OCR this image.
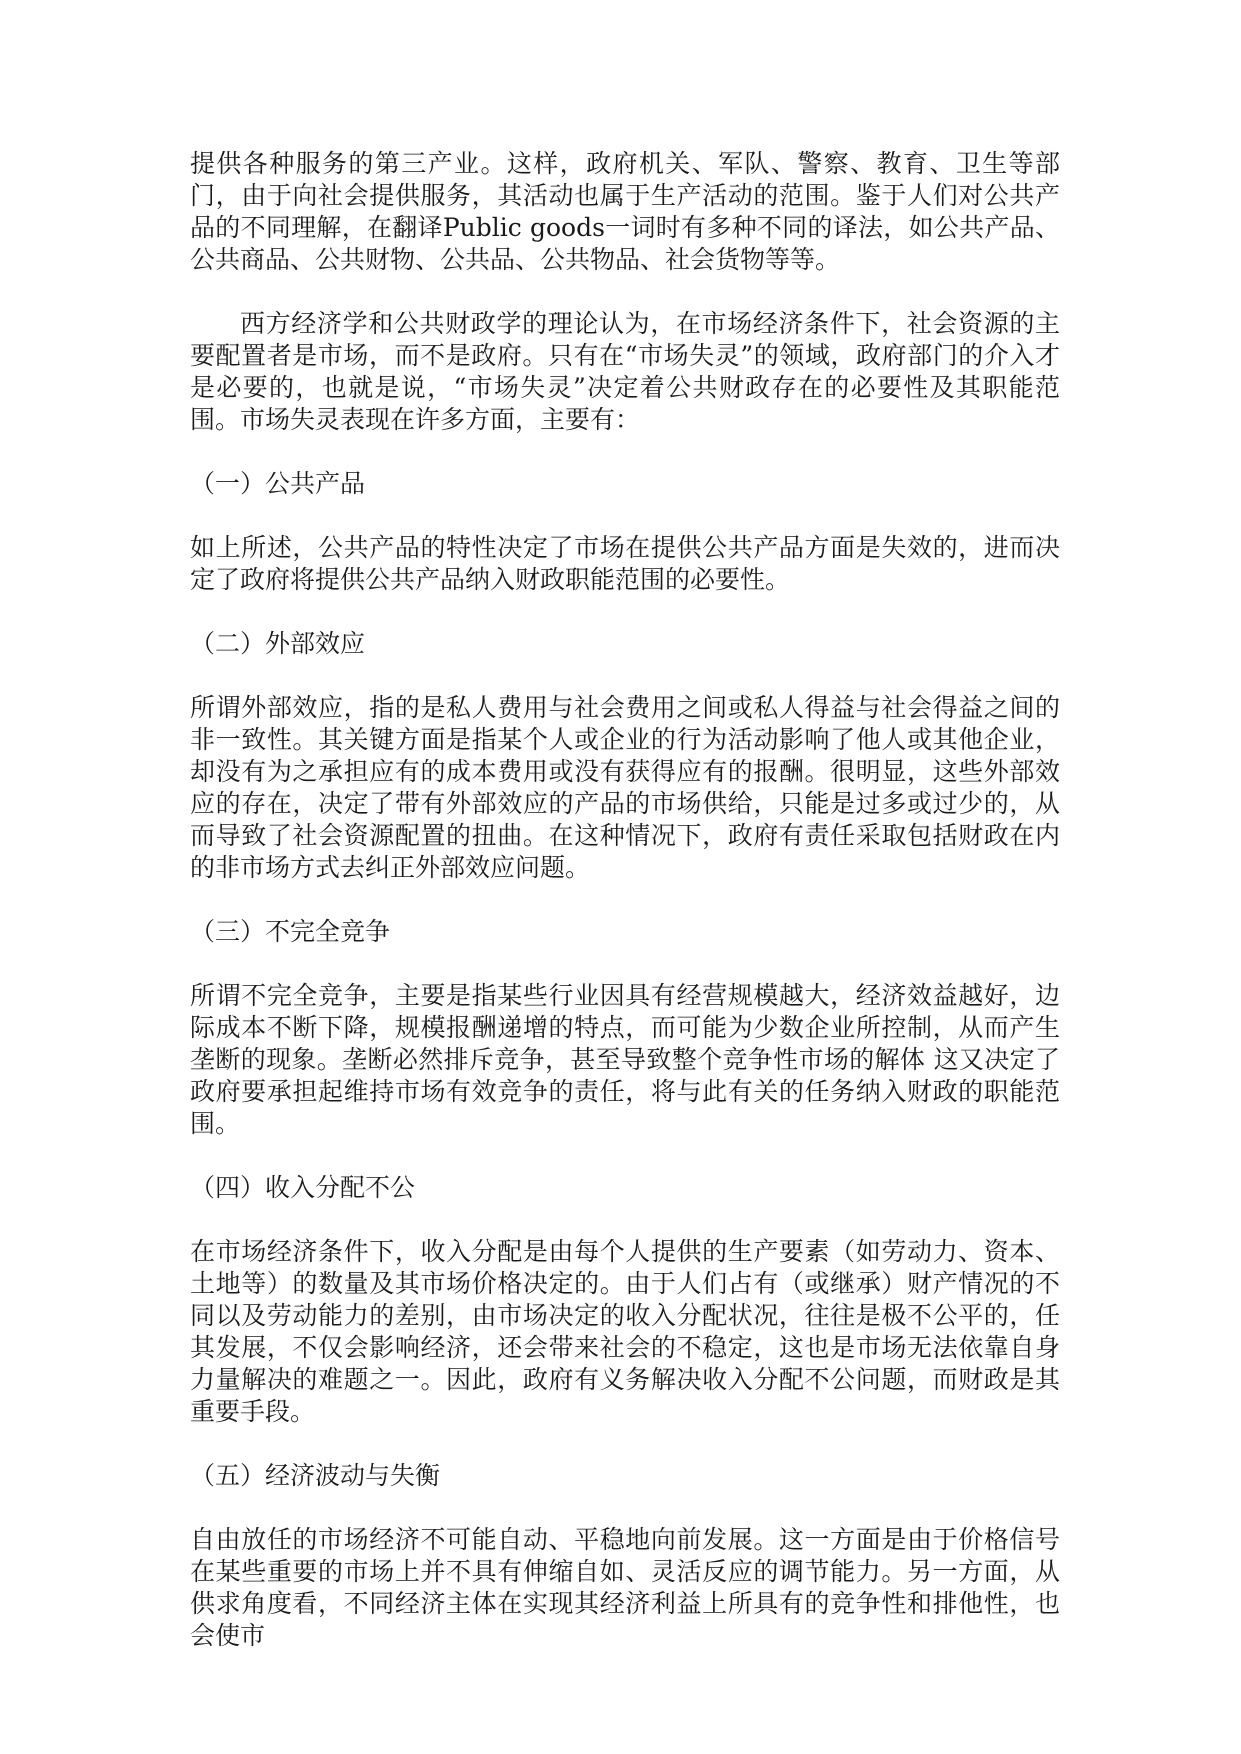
提供各种服务的第三产业。这样，政府机关、军队、警察、教育、卫生等部门，由于向社会提供服务，其活动也属于生产活动的范围。鉴于人们对公共产品的不同理解，在翻译Public goods一词时有多种不同的译法，如公共产品、公共商品、公共财物、公共品、公共物品、社会货物等等。

西方经济学和公共财政学的理论认为，在市场经济条件下，社会资源的主要配置者是市场，而不是政府。只有在“市场失灵”的领域，政府部门的介入才是必要的，也就是说，“市场失灵”决定着公共财政存在的必要性及其职能范围。市场失灵表现在许多方面，主要有：

（一）公共产品

如上所述，公共产品的特性决定了市场在提供公共产品方面是失效的，进而决定了政府将提供公共产品纳入财政职能范围的必要性。

（二）外部效应

所谓外部效应，指的是私人费用与社会费用之间或私人得益与社会得益之间的非一致性。其关键方面是指某个人或企业的行为活动影响了他人或其他企业，却没有为之承担应有的成本费用或没有获得应有的报酬。很明显，这些外部效应的存在，决定了带有外部效应的产品的市场供给，只能是过多或过少的，从而导致了社会资源配置的扭曲。在这种情况下，政府有责任采取包括财政在内的非市场方式去纠正外部效应问题。

（三）不完全竞争

所谓不完全竞争，主要是指某些行业因具有经营规模越大，经济效益越好，边际成本不断下降，规模报酬递增的特点，而可能为少数企业所控制，从而产生垄断的现象。垄断必然排斥竞争，甚至导致整个竞争性市场的解体 这又决定了政府要承担起维持市场有效竞争的责任，将与此有关的任务纳入财政的职能范围。

（四）收入分配不公

在市场经济条件下，收入分配是由每个人提供的生产要素（如劳动力、资本、土地等）的数量及其市场价格决定的。由于人们占有（或继承）财产情况的不同以及劳动能力的差别，由市场决定的收入分配状况，往往是极不公平的，任其发展，不仅会影响经济，还会带来社会的不稳定，这也是市场无法依靠自身力量解决的难题之一。因此，政府有义务解决收入分配不公问题，而财政是其重要手段。

（五）经济波动与失衡

自由放任的市场经济不可能自动、平稳地向前发展。这一方面是由于价格信号在某些重要的市场上并不具有伸缩自如、灵活反应的调节能力。另一方面，从供求角度看，不同经济主体在实现其经济利益上所具有的竞争性和排他性，也会使市
